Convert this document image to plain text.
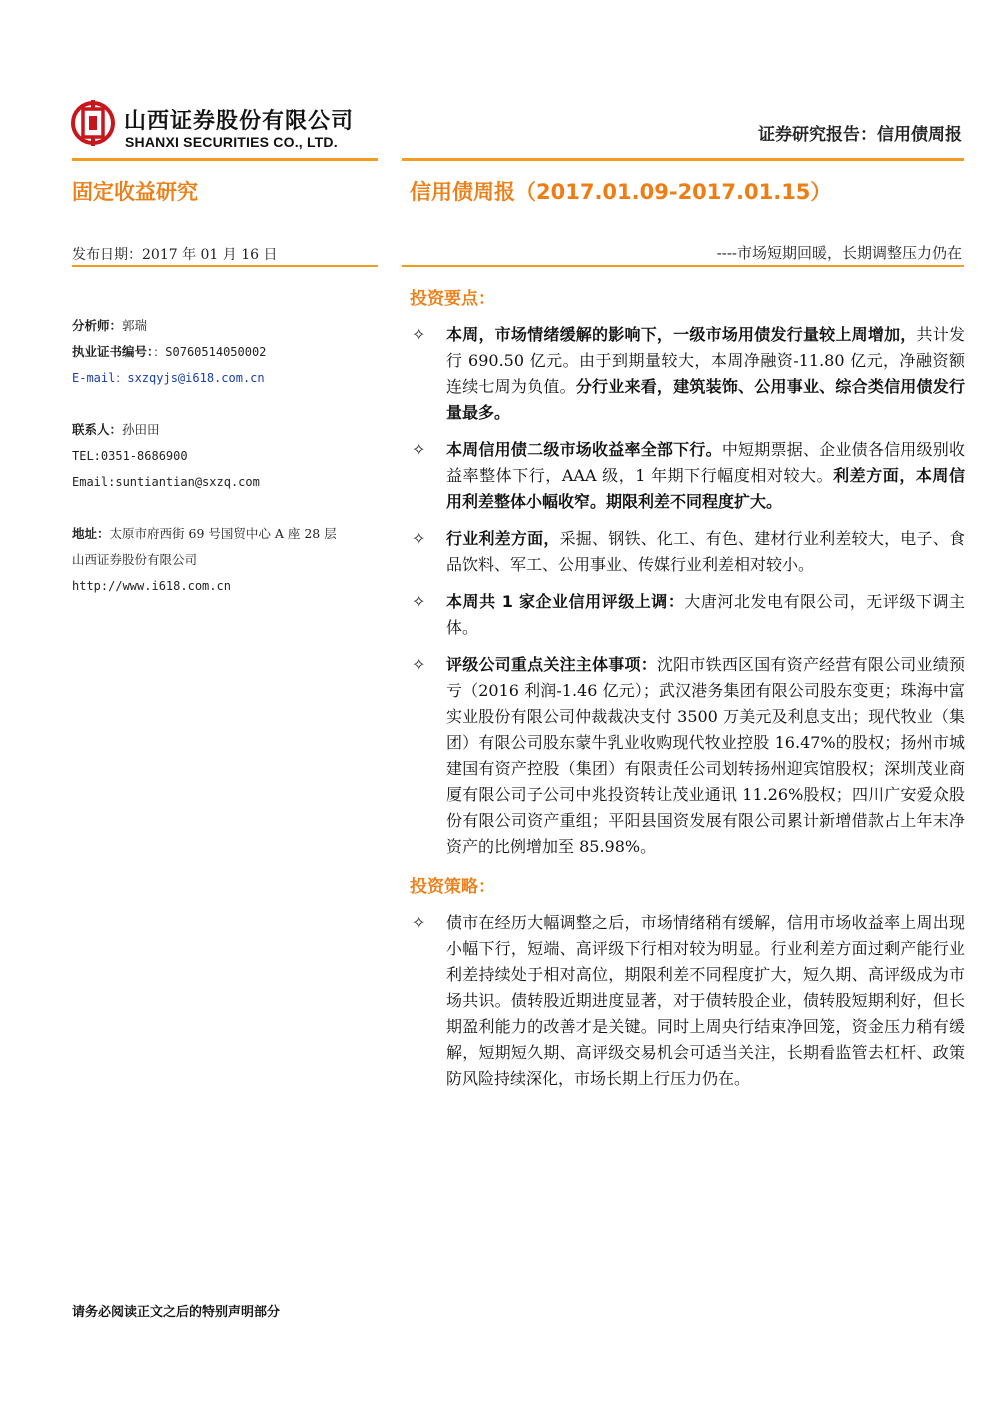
山西证券股份有限公司
SHANXI SECURITIES CO., LTD.	证券研究报告：信用债周报
固定收益研究	信用债周报（2017.01.09-2017.01.15）
发布日期：2017 年 01 月 16 日	----市场短期回暖，长期调整压力仍在
分析师：郭瑞
执业证书编号：：S0760514050002
E-mail：sxzqyjs@i618.com.cn
联系人：孙田田
TEL:0351-8686900
Email:suntiantian@sxzq.com
地址：太原市府西街 69 号国贸中心 A 座 28 层
山西证券股份有限公司
http://www.i618.com.cn
投资要点：
✧ 本周，市场情绪缓解的影响下，一级市场用债发行量较上周增加，共计发行 690.50 亿元。由于到期量较大，本周净融资-11.80 亿元，净融资额连续七周为负值。分行业来看，建筑装饰、公用事业、综合类信用债发行量最多。
✧ 本周信用债二级市场收益率全部下行。中短期票据、企业债各信用级别收益率整体下行，AAA 级，1 年期下行幅度相对较大。利差方面，本周信用利差整体小幅收窄。期限利差不同程度扩大。
✧ 行业利差方面，采掘、钢铁、化工、有色、建材行业利差较大，电子、食品饮料、军工、公用事业、传媒行业利差相对较小。
✧ 本周共 1 家企业信用评级上调：大唐河北发电有限公司，无评级下调主体。
✧ 评级公司重点关注主体事项：沈阳市铁西区国有资产经营有限公司业绩预亏（2016 利润-1.46 亿元）；武汉港务集团有限公司股东变更；珠海中富实业股份有限公司仲裁裁决支付 3500 万美元及利息支出；现代牧业（集团）有限公司股东蒙牛乳业收购现代牧业控股 16.47%的股权；扬州市城建国有资产控股（集团）有限责任公司划转扬州迎宾馆股权；深圳茂业商厦有限公司子公司中兆投资转让茂业通讯 11.26%股权；四川广安爱众股份有限公司资产重组；平阳县国资发展有限公司累计新增借款占上年末净资产的比例增加至 85.98%。
投资策略：
✧ 债市在经历大幅调整之后，市场情绪稍有缓解，信用市场收益率上周出现小幅下行，短端、高评级下行相对较为明显。行业利差方面过剩产能行业利差持续处于相对高位，期限利差不同程度扩大，短久期、高评级成为市场共识。债转股近期进度显著，对于债转股企业，债转股短期利好，但长期盈利能力的改善才是关键。同时上周央行结束净回笼，资金压力稍有缓解，短期短久期、高评级交易机会可适当关注，长期看监管去杠杆、政策防风险持续深化，市场长期上行压力仍在。
请务必阅读正文之后的特别声明部分
